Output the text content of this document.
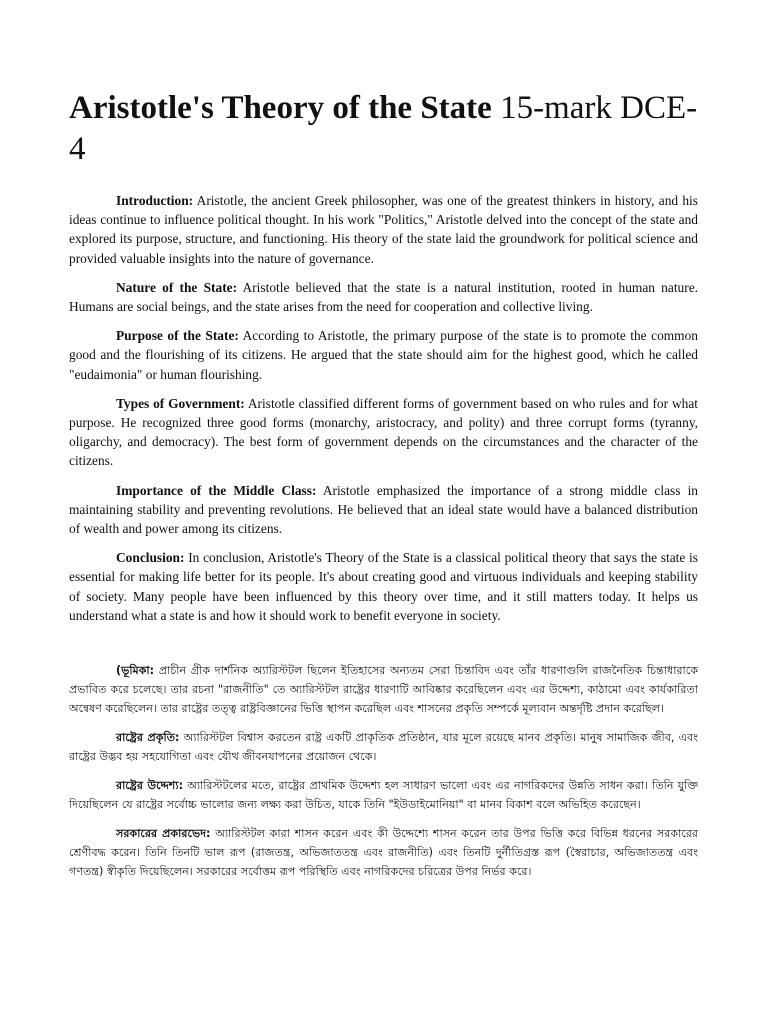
Aristotle's Theory of the State 15-mark DCE-4

Introduction: Aristotle, the ancient Greek philosopher, was one of the greatest thinkers in history, and his ideas continue to influence political thought. In his work "Politics," Aristotle delved into the concept of the state and explored its purpose, structure, and functioning. His theory of the state laid the groundwork for political science and provided valuable insights into the nature of governance.

Nature of the State: Aristotle believed that the state is a natural institution, rooted in human nature. Humans are social beings, and the state arises from the need for cooperation and collective living.

Purpose of the State: According to Aristotle, the primary purpose of the state is to promote the common good and the flourishing of its citizens. He argued that the state should aim for the highest good, which he called "eudaimonia" or human flourishing.

Types of Government: Aristotle classified different forms of government based on who rules and for what purpose. He recognized three good forms (monarchy, aristocracy, and polity) and three corrupt forms (tyranny, oligarchy, and democracy). The best form of government depends on the circumstances and the character of the citizens.

Importance of the Middle Class: Aristotle emphasized the importance of a strong middle class in maintaining stability and preventing revolutions. He believed that an ideal state would have a balanced distribution of wealth and power among its citizens.

Conclusion: In conclusion, Aristotle's Theory of the State is a classical political theory that says the state is essential for making life better for its people. It's about creating good and virtuous individuals and keeping stability of society. Many people have been influenced by this theory over time, and it still matters today. It helps us understand what a state is and how it should work to benefit everyone in society.

(ভূমিকা: প্রাচীন গ্রীক দার্শনিক অ্যারিস্টটল ছিলেন ইতিহাসের অন্যতম সেরা চিন্তাবিদ এবং তাঁর ধারণাগুলি রাজনৈতিক চিন্তাধারাকে প্রভাবিত করে চলেছে। তার রচনা "রাজনীতি" তে অ্যারিস্টটল রাষ্ট্রের ধারণাটি আবিষ্কার করেছিলেন এবং এর উদ্দেশ্য, কাঠামো এবং কার্যকারিতা অন্বেষণ করেছিলেন। তার রাষ্ট্রের তত্ত্ব রাষ্ট্রবিজ্ঞানের ভিত্তি স্থাপন করেছিল এবং শাসনের প্রকৃতি সম্পর্কে মূল্যবান অন্তর্দৃষ্টি প্রদান করেছিল।

রাষ্ট্রের প্রকৃতি: অ্যারিস্টটল বিশ্বাস করতেন রাষ্ট্র একটি প্রাকৃতিক প্রতিষ্ঠান, যার মূলে রয়েছে মানব প্রকৃতি। মানুষ সামাজিক জীব, এবং রাষ্ট্রের উদ্ভব হয় সহযোগিতা এবং যৌথ জীবনযাপনের প্রয়োজন থেকে।

রাষ্ট্রের উদ্দেশ্য: অ্যারিস্টটলের মতে, রাষ্ট্রের প্রাথমিক উদ্দেশ্য হল সাধারণ ভালো এবং এর নাগরিকদের উন্নতি সাধন করা। তিনি যুক্তি দিয়েছিলেন যে রাষ্ট্রের সর্বোচ্চ ভালোর জন্য লক্ষ্য করা উচিত, যাকে তিনি "ইউডাইমোনিয়া" বা মানব বিকাশ বলে অভিহিত করেছেন।

সরকারের প্রকারভেদ: অ্যারিস্টটল কারা শাসন করেন এবং কী উদ্দেশ্যে শাসন করেন তার উপর ভিত্তি করে বিভিন্ন ধরনের সরকারের শ্রেণীবদ্ধ করেন। তিনি তিনটি ভাল রূপ (রাজতন্ত্র, অভিজাততন্ত্র এবং রাজনীতি) এবং তিনটি দুর্নীতিগ্রস্ত রূপ (স্বৈরাচার, অভিজাততন্ত্র এবং গণতন্ত্র) স্বীকৃতি দিয়েছিলেন। সরকারের সর্বোত্তম রূপ পরিস্থিতি এবং নাগরিকদের চরিত্রের উপর নির্ভর করে।
